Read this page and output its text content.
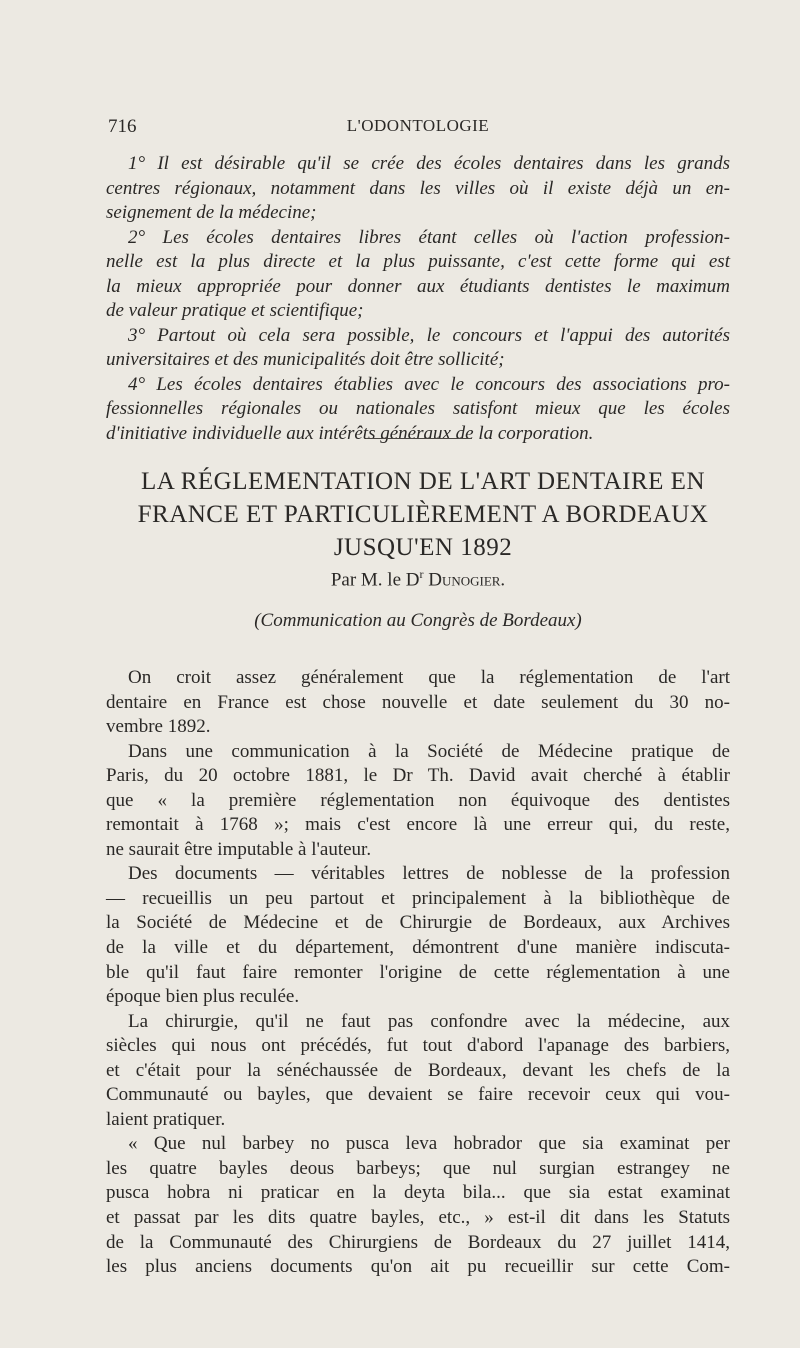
716	L'ODONTOLOGIE
1° Il est désirable qu'il se crée des écoles dentaires dans les grands
centres régionaux, notamment dans les villes où il existe déjà un en-
seignement de la médecine;
2° Les écoles dentaires libres étant celles où l'action profession-
nelle est la plus directe et la plus puissante, c'est cette forme qui est
la mieux appropriée pour donner aux étudiants dentistes le maximum
de valeur pratique et scientifique;
3° Partout où cela sera possible, le concours et l'appui des autorités
universitaires et des municipalités doit être sollicité;
4° Les écoles dentaires établies avec le concours des associations pro-
fessionnelles régionales ou nationales satisfont mieux que les écoles
d'initiative individuelle aux intérêts généraux de la corporation.
LA RÉGLEMENTATION DE L'ART DENTAIRE EN
FRANCE ET PARTICULIÈREMENT A BORDEAUX
JUSQU'EN 1892
Par M. le $D^r$ Dunogier.
(Communication au Congrès de Bordeaux)
On croit assez généralement que la réglementation de l'art
dentaire en France est chose nouvelle et date seulement du 30 no-
vembre 1892.
Dans une communication à la Société de Médecine pratique de
Paris, du 20 octobre 1881, le Dr Th. David avait cherché à établir
que « la première réglementation non équivoque des dentistes
remontait à 1768 »; mais c'est encore là une erreur qui, du reste,
ne saurait être imputable à l'auteur.
Des documents — véritables lettres de noblesse de la profession
— recueillis un peu partout et principalement à la bibliothèque de
la Société de Médecine et de Chirurgie de Bordeaux, aux Archives
de la ville et du département, démontrent d'une manière indiscuta-
ble qu'il faut faire remonter l'origine de cette réglementation à une
époque bien plus reculée.
La chirurgie, qu'il ne faut pas confondre avec la médecine, aux
siècles qui nous ont précédés, fut tout d'abord l'apanage des barbiers,
et c'était pour la sénéchaussée de Bordeaux, devant les chefs de la
Communauté ou bayles, que devaient se faire recevoir ceux qui vou-
laient pratiquer.
« Que nul barbey no pusca leva hobrador que sia examinat per
les quatre bayles deous barbeys; que nul surgian estrangey ne
pusca hobra ni praticar en la deyta bila... que sia estat examinat
et passat par les dits quatre bayles, etc., » est-il dit dans les Statuts
de la Communauté des Chirurgiens de Bordeaux du 27 juillet 1414,
les plus anciens documents qu'on ait pu recueillir sur cette Com-
